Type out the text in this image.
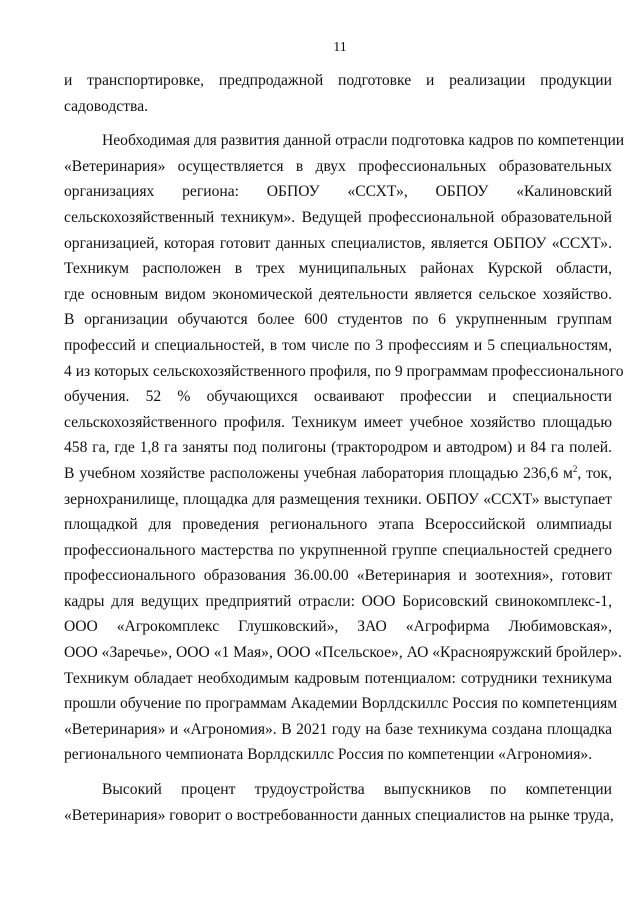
11
и транспортировке, предпродажной подготовке и реализации продукции
садоводства.
Необходимая для развития данной отрасли подготовка кадров по компетенции
«Ветеринария» осуществляется в двух профессиональных образовательных
организациях региона: ОБПОУ «ССХТ», ОБПОУ «Калиновский
сельскохозяйственный техникум». Ведущей профессиональной образовательной
организацией, которая готовит данных специалистов, является ОБПОУ «ССХТ».
Техникум расположен в трех муниципальных районах Курской области,
где основным видом экономической деятельности является сельское хозяйство.
В организации обучаются более 600 студентов по 6 укрупненным группам
профессий и специальностей, в том числе по 3 профессиям и 5 специальностям,
4 из которых сельскохозяйственного профиля, по 9 программам профессионального
обучения. 52 % обучающихся осваивают профессии и специальности
сельскохозяйственного профиля. Техникум имеет учебное хозяйство площадью
458 га, где 1,8 га заняты под полигоны (трактородром и автодром) и 84 га полей.
В учебном хозяйстве расположены учебная лаборатория площадью 236,6 $м^2$, ток,
зернохранилище, площадка для размещения техники. ОБПОУ «ССХТ» выступает
площадкой для проведения регионального этапа Всероссийской олимпиады
профессионального мастерства по укрупненной группе специальностей среднего
профессионального образования 36.00.00 «Ветеринария и зоотехния», готовит
кадры для ведущих предприятий отрасли: ООО Борисовский свинокомплекс-1,
ООО «Агрокомплекс Глушковский», ЗАО «Агрофирма Любимовская»,
ООО «Заречье», ООО «1 Мая», ООО «Псельское», АО «Краснояружский бройлер».
Техникум обладает необходимым кадровым потенциалом: сотрудники техникума
прошли обучение по программам Академии Ворлдскиллс Россия по компетенциям
«Ветеринария» и «Агрономия». В 2021 году на базе техникума создана площадка
регионального чемпионата Ворлдскиллс Россия по компетенции «Агрономия».
Высокий процент трудоустройства выпускников по компетенции
«Ветеринария» говорит о востребованности данных специалистов на рынке труда,
